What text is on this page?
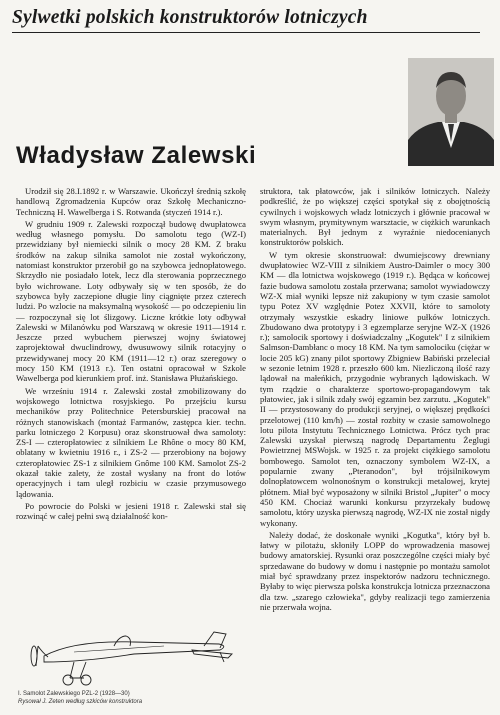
Sylwetki polskich konstruktorów lotniczych
Władysław Zalewski

Urodził się 28.I.1892 r. w Warszawie. Ukończył średnią szkołę handlową Zgromadzenia Kupców oraz Szkołę Mechaniczno-Techniczną H. Wawelberga i S. Rotwanda (styczeń 1914 r.).

W grudniu 1909 r. Zalewski rozpoczął budowę dwupłatowca według własnego pomysłu. Do samolotu tego (WZ-I) przewidziany był niemiecki silnik o mocy 28 KM. Z braku środków na zakup silnika samolot nie został wykończony, natomiast konstruktor przerobił go na szybowca jednopłatowego. Skrzydło nie posiadało lotek, lecz dla sterowania poprzecznego było wichrowane. Loty odbywały się w ten sposób, że do szybowca były zaczepione długie liny ciągnięte przez czterech ludzi. Po wzlocie na maksymalną wysokość — po odczepieniu lin — rozpoczynał się lot ślizgowy. Liczne krótkie loty odbywał Zalewski w Milanówku pod Warszawą w okresie 1911—1914 r. Jeszcze przed wybuchem pierwszej wojny światowej zaprojektował dwuclindrowy, dwusuwowy silnik rotacyjny o przewidywanej mocy 20 KM (1911—12 r.) oraz szeregowy o mocy 150 KM (1913 r.). Ten ostatni opracował w Szkole Wawelberga pod kierunkiem prof. inż. Stanisława Płużańskiego.

We wrześniu 1914 r. Zalewski został zmobilizowany do wojskowego lotnictwa rosyjskiego. Po przejściu kursu mechaników przy Politechnice Petersburskiej pracował na różnych stanowiskach (montaż Farmanów, zastępca kier. techn. parku lotniczego 2 Korpusu) oraz skonstruował dwa samoloty: ZS-I — czteropłatowiec z silnikiem Le Rhône o mocy 80 KM, oblatany w kwietniu 1916 r., i ZS-2 — przerobiony na bojowy czteropłatowiec ZS-1 z silnikiem Gnôme 100 KM. Samolot ZS-2 okazał takie zalety, że został wysłany na front do lotów operacyjnych i tam uległ rozbiciu w czasie przymusowego lądowania.

Po powrocie do Polski w jesieni 1918 r. Zalewski stał się rozwinąć w całej pełni swą działalność kon-

struktora, tak płatowców, jak i silników lotniczych. Należy podkreślić, że po większej części spotykał się z obojętnością cywilnych i wojskowych władz lotniczych i głównie pracował w swym własnym, prymitywnym warsztacie, w ciężkich warunkach materialnych. Był jednym z wyraźnie niedocenianych konstruktorów polskich.

W tym okresie skonstruował: dwumiejscowy drewniany dwupłatowiec WZ-VIII z silnikiem Austro-Daimler o mocy 300 KM — dla lotnictwa wojskowego (1919 r.). Będąca w końcowej fazie budowa samolotu została przerwana; samolot wywiadowczy WZ-X miał wyniki lepsze niż zakupiony w tym czasie samolot typu Potez XV względnie Potez XXVII, które to samoloty otrzymały wszystkie eskadry liniowe pułków lotniczych. Zbudowano dwa prototypy i 3 egzemplarze seryjne WZ-X (1926 r.); samolocik sportowy i doświadczalny „Kogutek" I z silnikiem Salmson-Dambłanc o mocy 18 KM. Na tym samolociku (ciężar w locie 205 kG) znany pilot sportowy Zbigniew Babiński przeleciał w sezonie letnim 1928 r. przeszło 600 km. Niezliczoną ilość razy lądował na małeńkich, przygodnie wybranych lądowiskach. W tym rządzie o charakterze sportowo-propagandowym tak płatowiec, jak i silnik zdały swój egzamin bez zarzutu. „Kogutek" II — przystosowany do produkcji seryjnej, o większej prędkości przelotowej (110 km/h) — został rozbity w czasie samowolnego lotu pilota Instytutu Technicznego Lotnictwa. Prócz tych prac Zalewski uzyskał pierwszą nagrodę Departamentu Żeglugi Powietrznej MSWojsk. w 1925 r. za projekt ciężkiego samolotu bombowego. Samolot ten, oznaczony symbolem WZ-IX, a popularnie zwany „Pteranodon", był trójsilnikowym dolnopłatowcem wolnonośnym o konstrukcji metalowej, krytej płótnem. Miał być wyposażony w silniki Bristol „Jupiter" o mocy 450 KM. Chociaż warunki konkursu przyrzekały budowę samolotu, który uzyska pierwszą nagrodę, WZ-IX nie został nigdy wykonany.

Należy dodać, że doskonałe wyniki „Kogutka", który był b. łatwy w pilotażu, skłoniły LOPP do wprowadzenia masowej budowy amatorskiej. Rysunki oraz poszczególne części miały być sprzedawane do budowy w domu i następnie po montażu samolot miał być sprawdzany przez inspektorów nadzoru technicznego. Byłaby to więc pierwsza polska konstrukcja lotnicza przeznaczona dla tzw. „szarego człowieka", gdyby realizacji tego zamierzenia nie przerwała wojna.

I. Samolot Zalewskiego PZL-2 (1928—30)
Rysował J. Zeten według szkiców konstruktora
